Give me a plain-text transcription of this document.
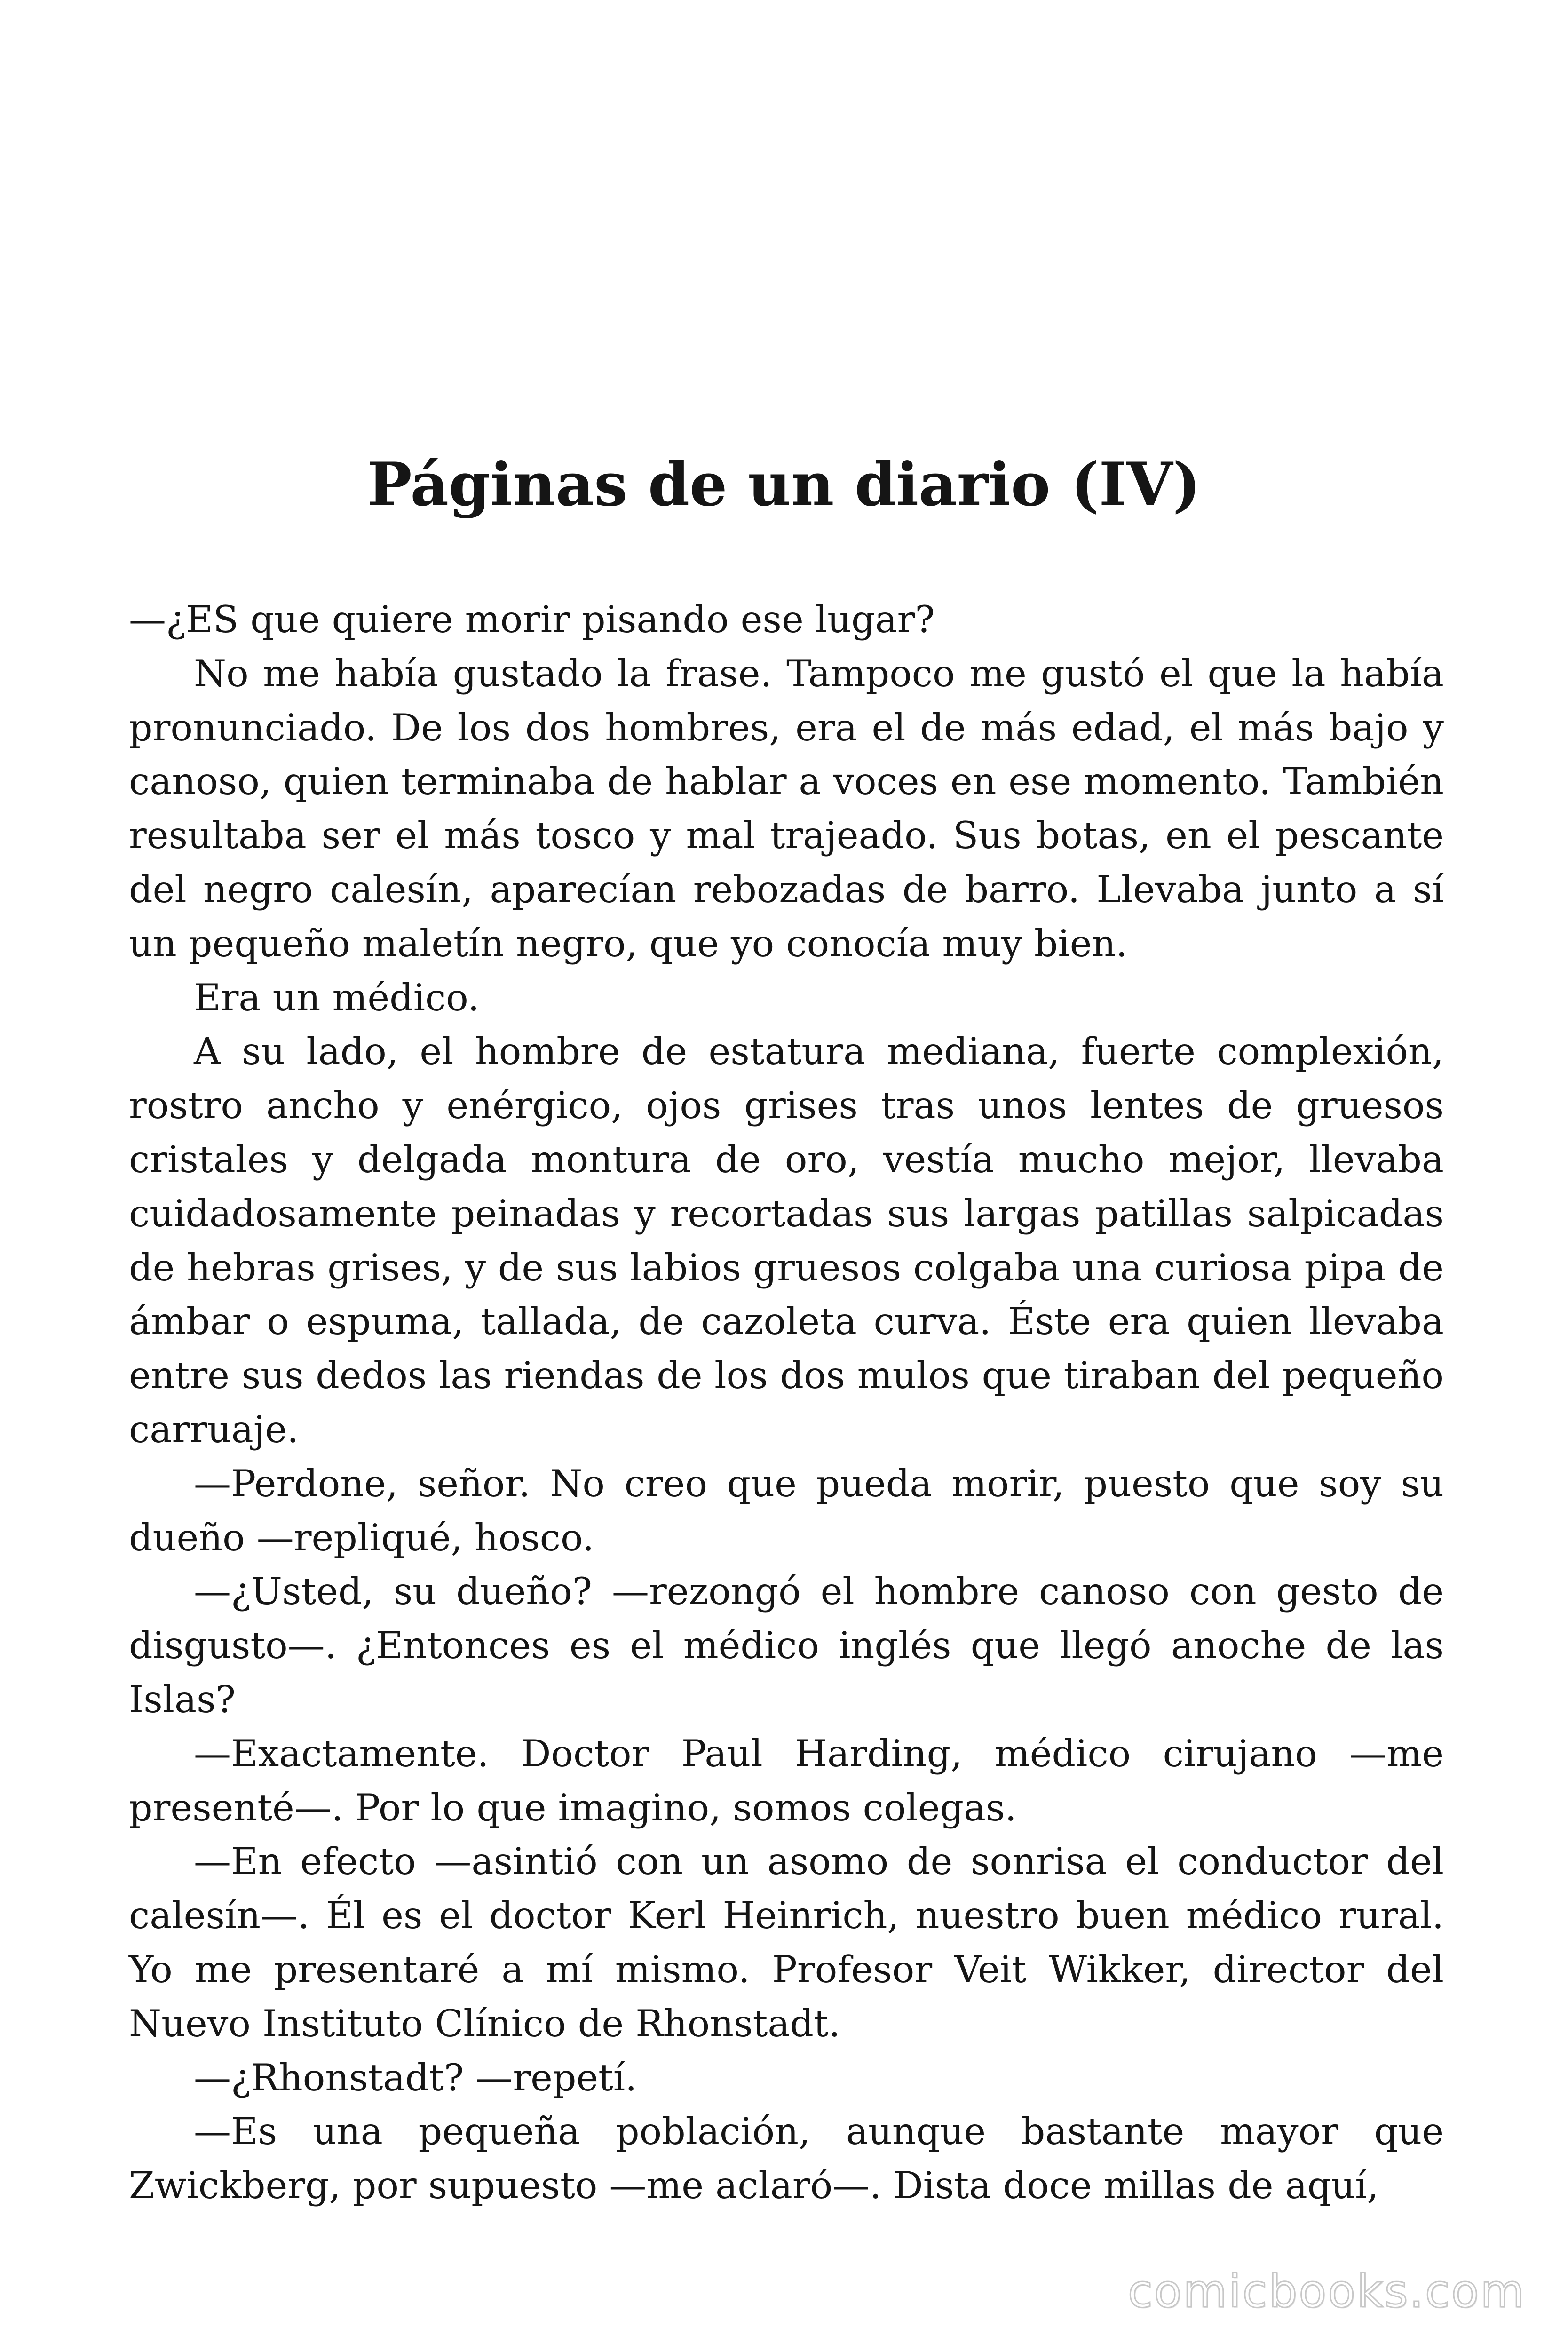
Páginas de un diario (IV)

—¿ES que quiere morir pisando ese lugar?

No me había gustado la frase. Tampoco me gustó el que la había pronunciado. De los dos hombres, era el de más edad, el más bajo y canoso, quien terminaba de hablar a voces en ese momento. También resultaba ser el más tosco y mal trajeado. Sus botas, en el pescante del negro calesín, aparecían rebozadas de barro. Llevaba junto a sí un pequeño maletín negro, que yo conocía muy bien.

Era un médico.

A su lado, el hombre de estatura mediana, fuerte complexión, rostro ancho y enérgico, ojos grises tras unos lentes de gruesos cristales y delgada montura de oro, vestía mucho mejor, llevaba cuidadosamente peinadas y recortadas sus largas patillas salpicadas de hebras grises, y de sus labios gruesos colgaba una curiosa pipa de ámbar o espuma, tallada, de cazoleta curva. Éste era quien llevaba entre sus dedos las riendas de los dos mulos que tiraban del pequeño carruaje.

—Perdone, señor. No creo que pueda morir, puesto que soy su dueño —repliqué, hosco.

—¿Usted, su dueño? —rezongó el hombre canoso con gesto de disgusto—. ¿Entonces es el médico inglés que llegó anoche de las Islas?

—Exactamente. Doctor Paul Harding, médico cirujano —me presenté—. Por lo que imagino, somos colegas.

—En efecto —asintió con un asomo de sonrisa el conductor del calesín—. Él es el doctor Kerl Heinrich, nuestro buen médico rural. Yo me presentaré a mí mismo. Profesor Veit Wikker, director del Nuevo Instituto Clínico de Rhonstadt.

—¿Rhonstadt? —repetí.

—Es una pequeña población, aunque bastante mayor que Zwickberg, por supuesto —me aclaró—. Dista doce millas de aquí,

comicbooks.com
